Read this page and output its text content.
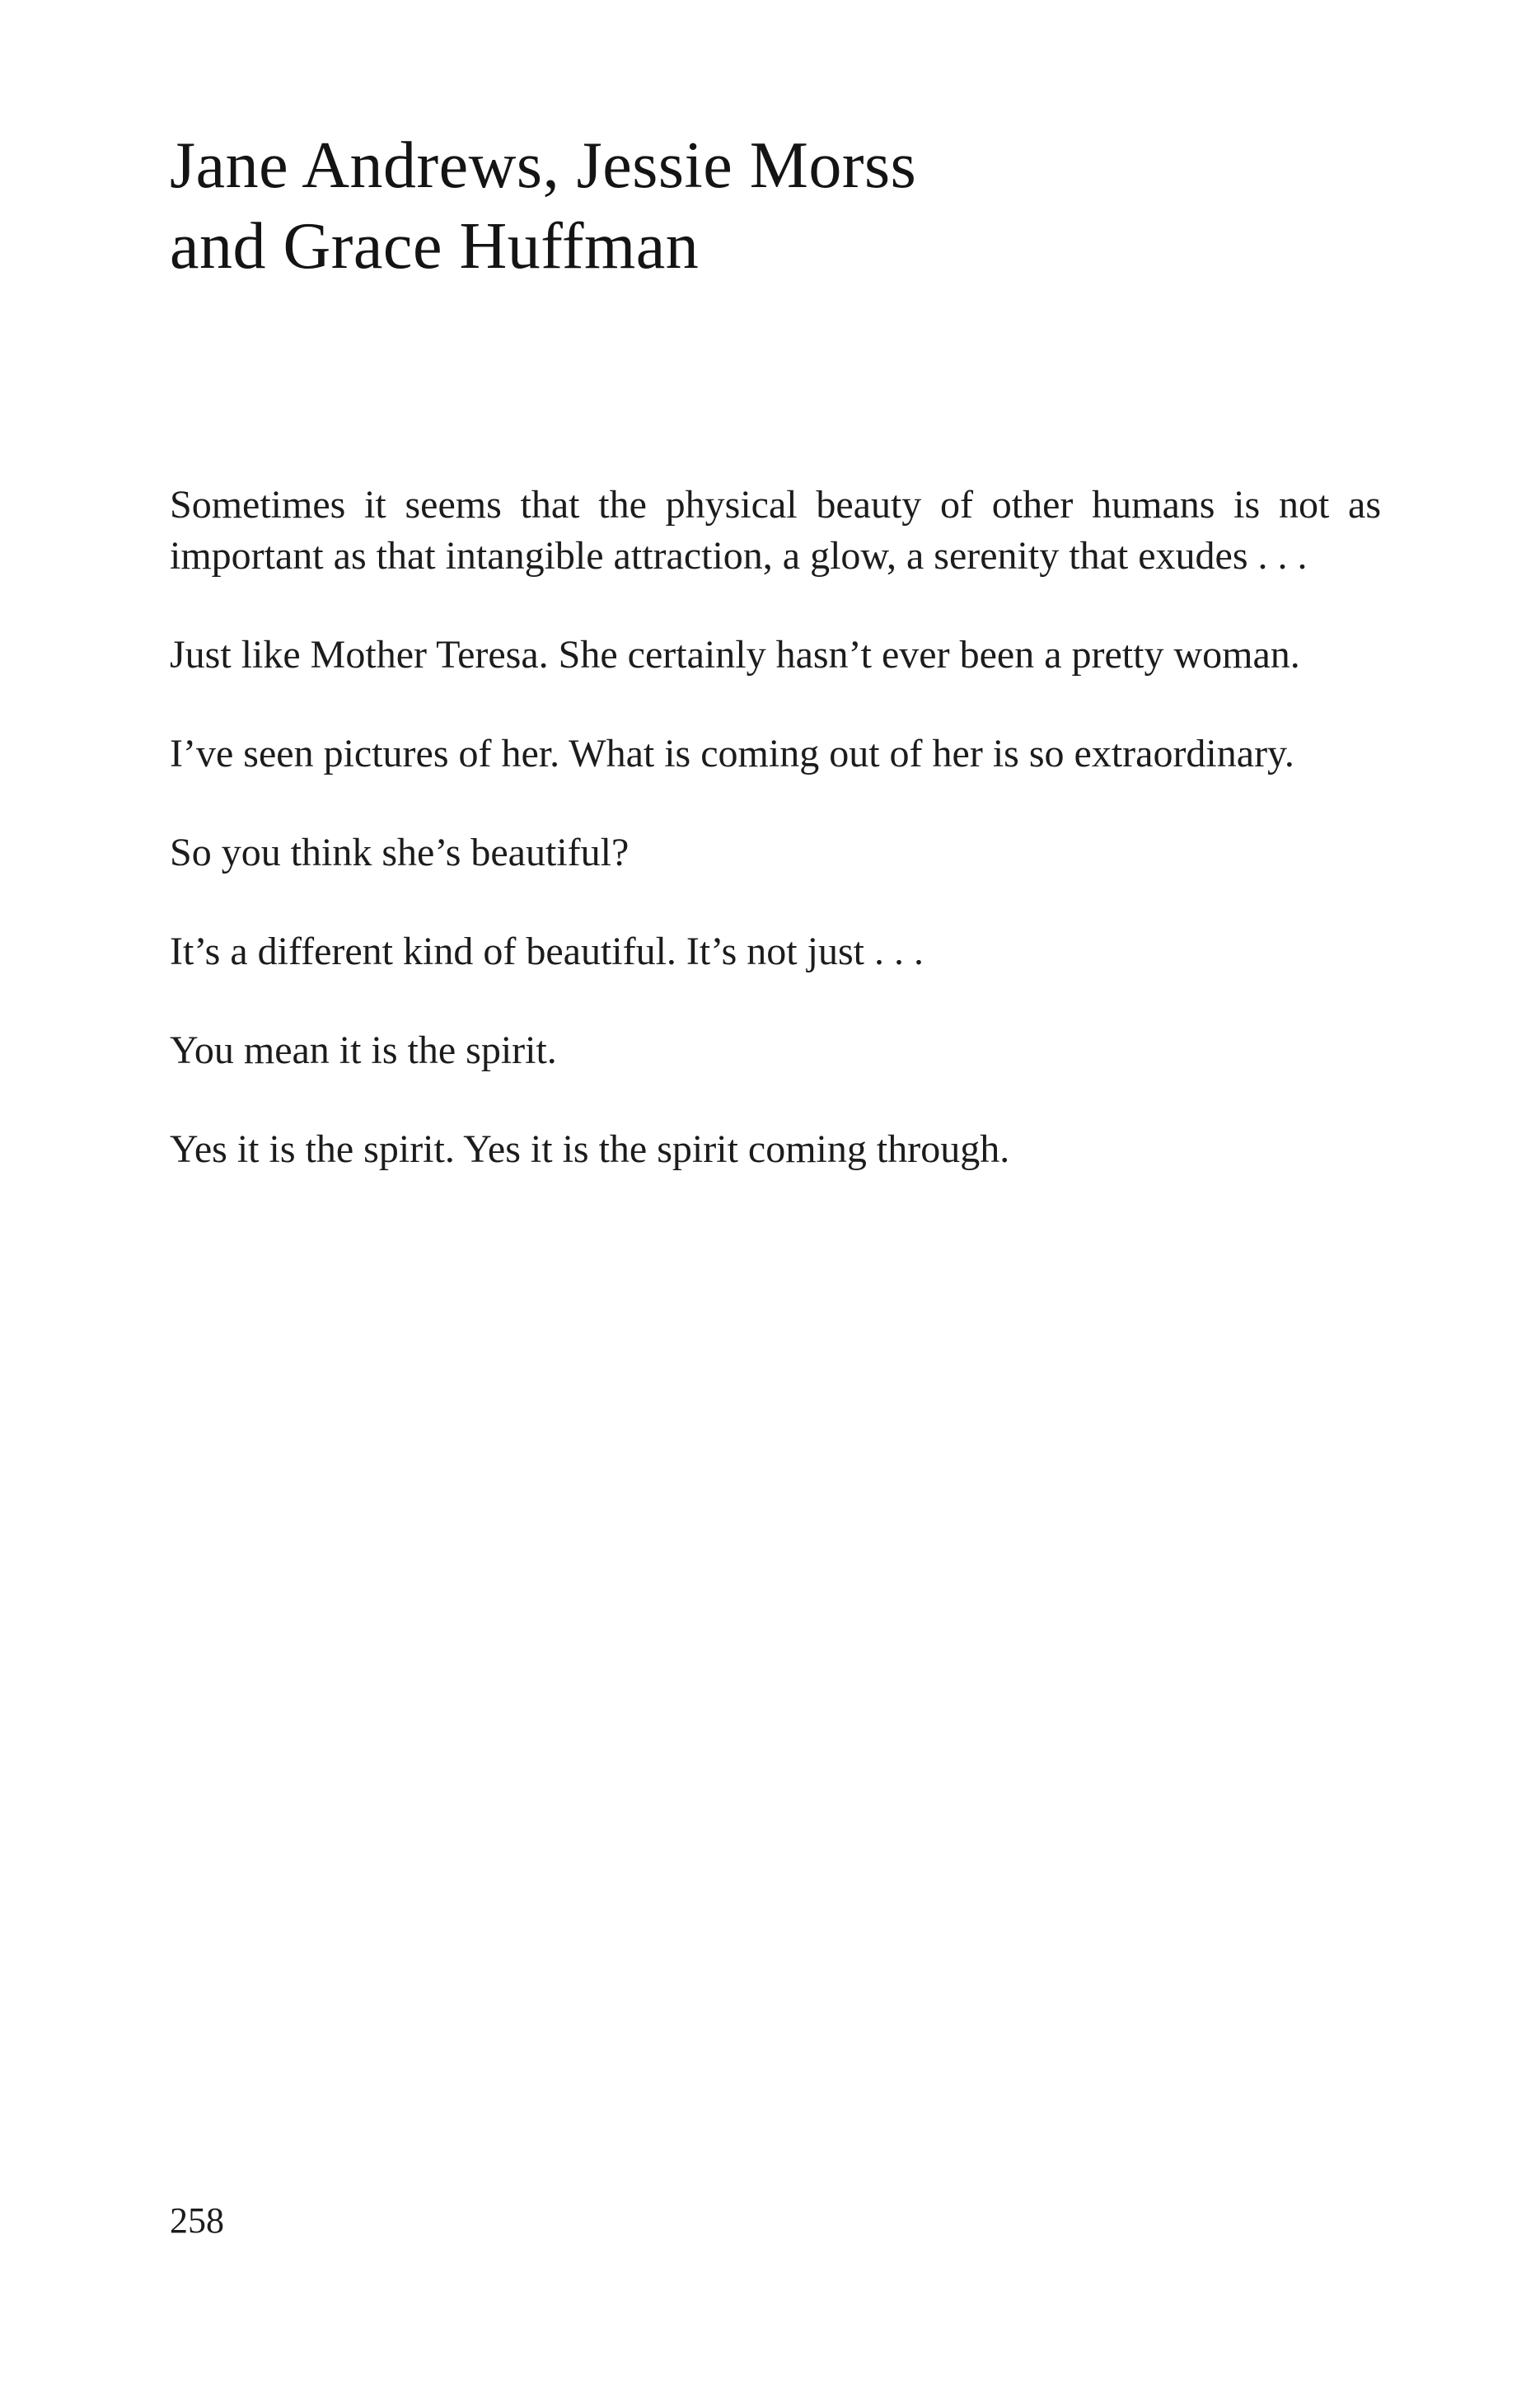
Jane Andrews, Jessie Morss
and Grace Huffman

Sometimes it seems that the physical beauty of other humans is not as important as that intangible attraction, a glow, a serenity that exudes . . .

Just like Mother Teresa. She certainly hasn’t ever been a pretty woman.

I’ve seen pictures of her. What is coming out of her is so extraordinary.

So you think she’s beautiful?

It’s a different kind of beautiful. It’s not just . . .

You mean it is the spirit.

Yes it is the spirit. Yes it is the spirit coming through.

258
